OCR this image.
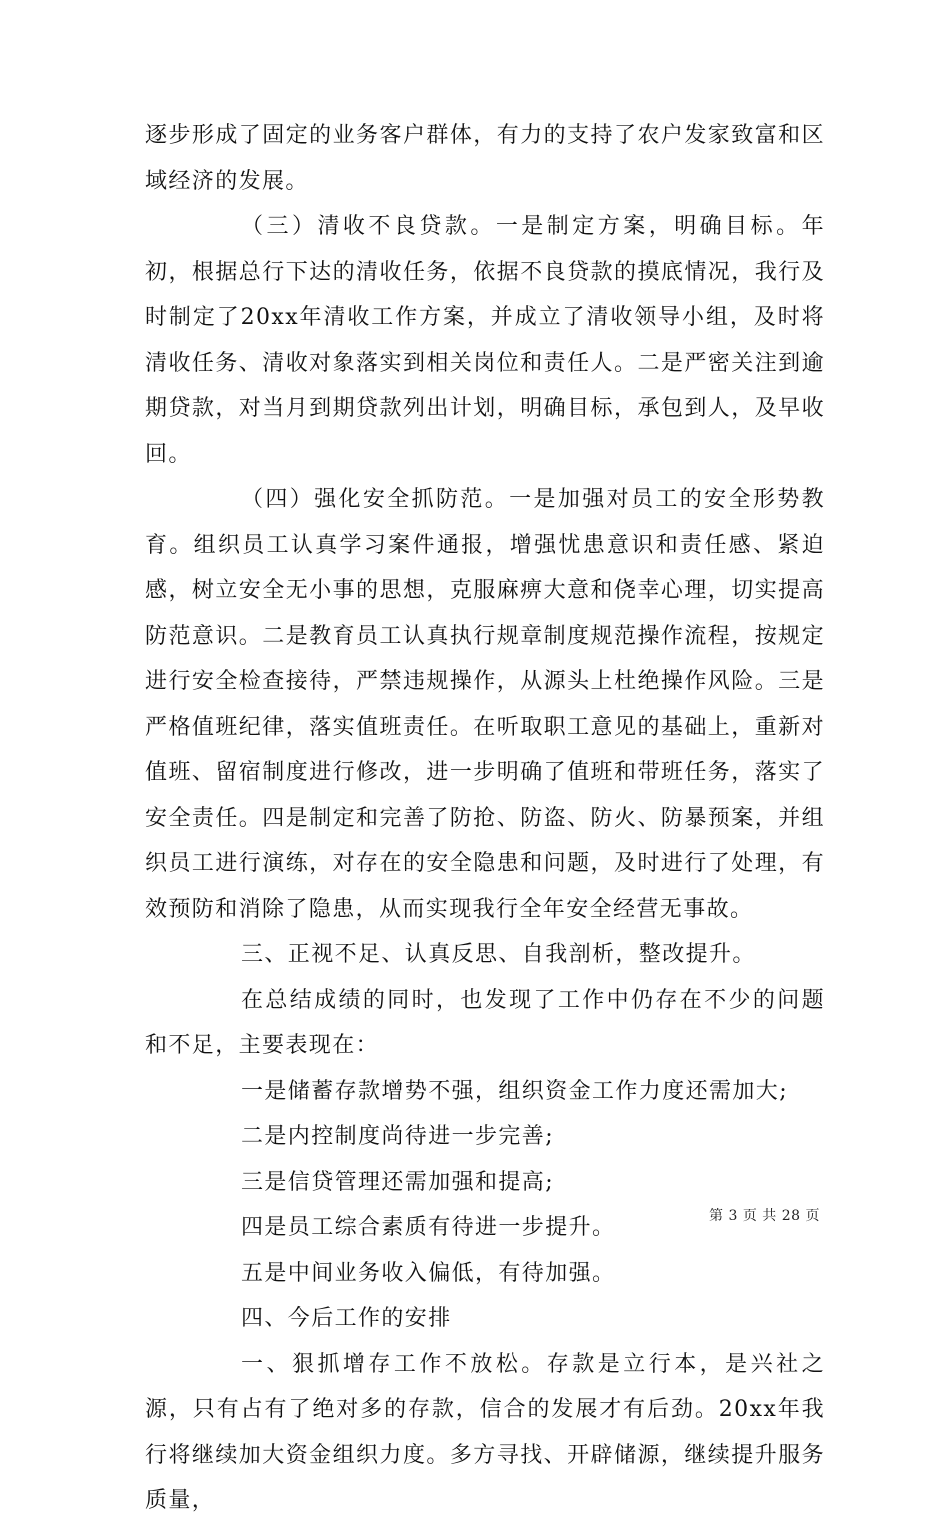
逐步形成了固定的业务客户群体，有力的支持了农户发家致富和区域经济的发展。

（三）清收不良贷款。一是制定方案，明确目标。年初，根据总行下达的清收任务，依据不良贷款的摸底情况，我行及时制定了20xx年清收工作方案，并成立了清收领导小组，及时将清收任务、清收对象落实到相关岗位和责任人。二是严密关注到逾期贷款，对当月到期贷款列出计划，明确目标，承包到人，及早收回。

（四）强化安全抓防范。一是加强对员工的安全形势教育。组织员工认真学习案件通报，增强忧患意识和责任感、紧迫感，树立安全无小事的思想，克服麻痹大意和侥幸心理，切实提高防范意识。二是教育员工认真执行规章制度规范操作流程，按规定进行安全检查接待，严禁违规操作，从源头上杜绝操作风险。三是严格值班纪律，落实值班责任。在听取职工意见的基础上，重新对值班、留宿制度进行修改，进一步明确了值班和带班任务，落实了安全责任。四是制定和完善了防抢、防盗、防火、防暴预案，并组织员工进行演练，对存在的安全隐患和问题，及时进行了处理，有效预防和消除了隐患，从而实现我行全年安全经营无事故。

三、正视不足、认真反思、自我剖析，整改提升。

在总结成绩的同时，也发现了工作中仍存在不少的问题和不足，主要表现在：

一是储蓄存款增势不强，组织资金工作力度还需加大;

二是内控制度尚待进一步完善;

三是信贷管理还需加强和提高;

四是员工综合素质有待进一步提升。

五是中间业务收入偏低，有待加强。

四、今后工作的安排

一、狠抓增存工作不放松。存款是立行本，是兴社之源，只有占有了绝对多的存款，信合的发展才有后劲。20xx年我行将继续加大资金组织力度。多方寻找、开辟储源，继续提升服务质量，

第 3 页 共 28 页
